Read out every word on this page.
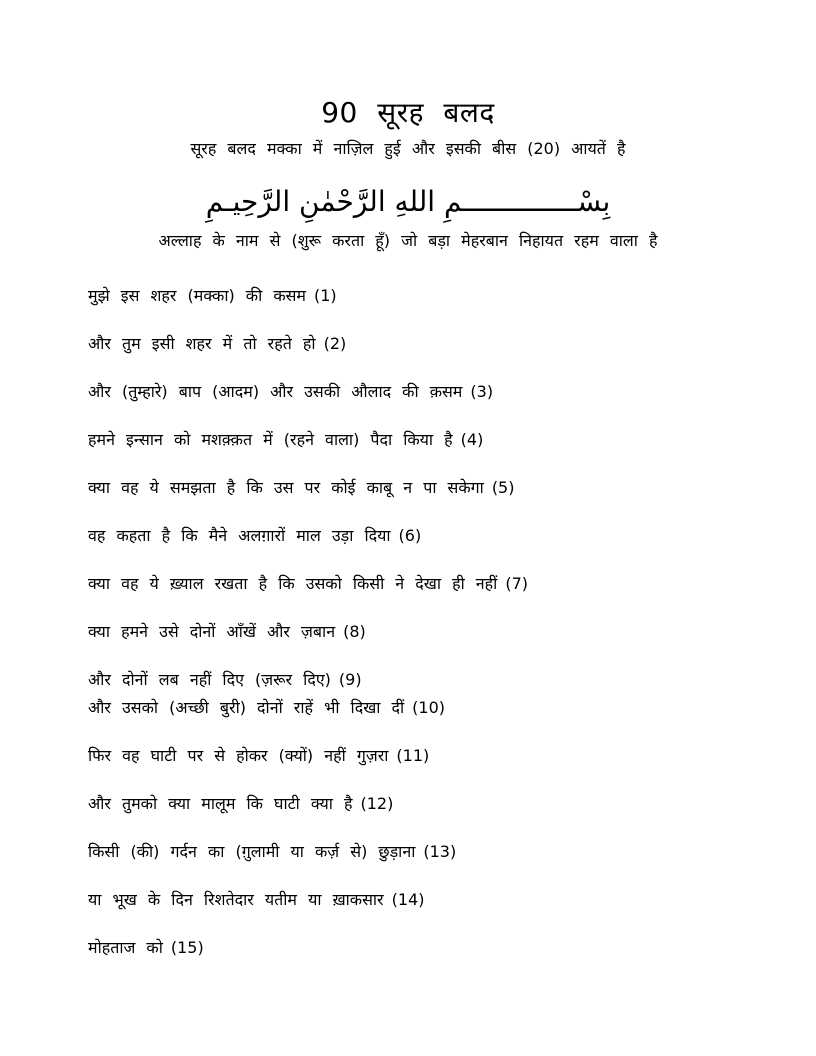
90 सूरह बलद

सूरह बलद मक्का में नाज़िल हुई और इसकी बीस (20) आयतें है

بِسْــــــــــــــمِ اللهِ الرَّحْمٰنِ الرَّحِيـمِ

अल्लाह के नाम से (शुरू करता हूँ) जो बड़ा मेहरबान निहायत रहम वाला है

मुझे इस शहर (मक्का) की कसम (1)

और तुम इसी शहर में तो रहते हो (2)

और (तुम्हारे) बाप (आदम) और उसकी औलाद की क़सम (3)

हमने इन्सान को मशक़्क़त में (रहने वाला) पैदा किया है (4)

क्या वह ये समझता है कि उस पर कोई काबू न पा सकेगा (5)

वह कहता है कि मैने अलग़ारों माल उड़ा दिया (6)

क्या वह ये ख़्याल रखता है कि उसको किसी ने देखा ही नहीं (7)

क्या हमने उसे दोनों आँखें और ज़बान (8)

और दोनों लब नहीं दिए (ज़रूर दिए) (9)

और उसको (अच्छी बुरी) दोनों राहें भी दिखा दीं (10)

फिर वह घाटी पर से होकर (क्यों) नहीं गुज़रा (11)

और तुमको क्या मालूम कि घाटी क्या है (12)

किसी (की) गर्दन का (ग़ुलामी या कर्ज़ से) छुड़ाना (13)

या भूख के दिन रिशतेदार यतीम या ख़ाकसार (14)

मोहताज को (15)
